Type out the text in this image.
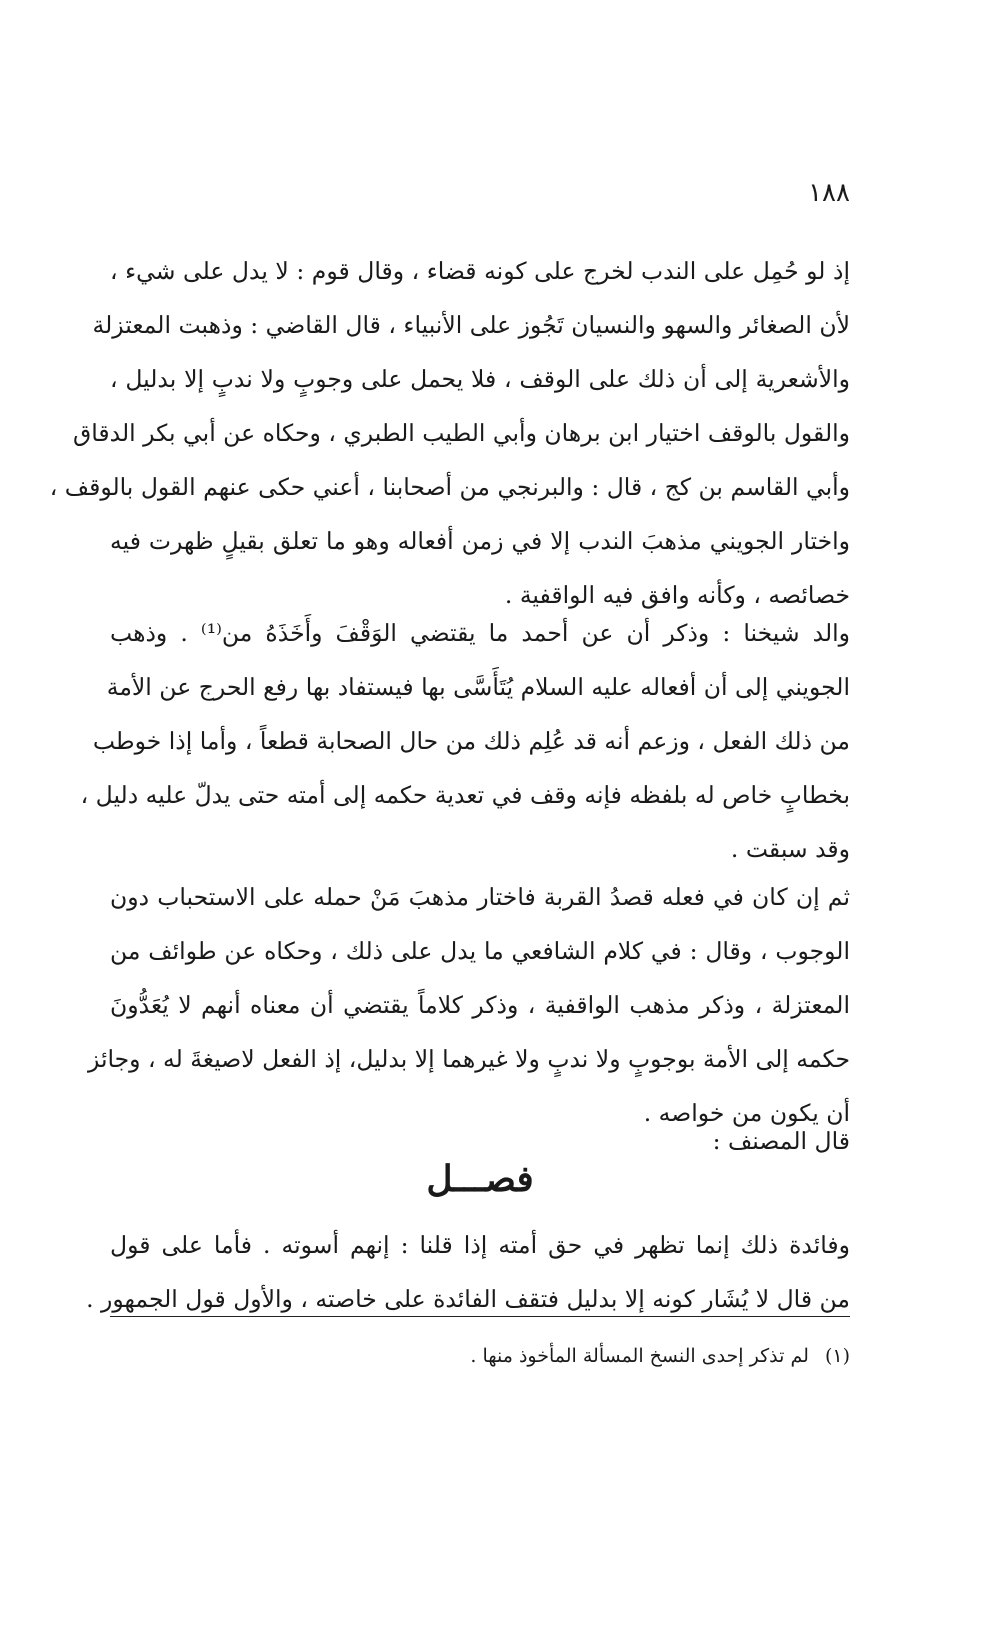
١٨٨
إذ لو حُمِل على الندب لخرج على كونه قضاء ، وقال قوم : لا يدل على شيء ،
لأن الصغائر والسهو والنسيان تَجُوز على الأنبياء ، قال القاضي : وذهبت المعتزلة
والأشعرية إلى أن ذلك على الوقف ، فلا يحمل على وجوبٍ ولا ندبٍ إلا بدليل ،
والقول بالوقف اختيار ابن برهان وأبي الطيب الطبري ، وحكاه عن أبي بكر الدقاق
وأبي القاسم بن كج ، قال : والبرنجي من أصحابنا ، أعني حكى عنهم القول بالوقف ،
واختار الجويني مذهبَ الندب إلا في زمن أفعاله وهو ما تعلق بقيلٍ ظهرت فيه
خصائصه ، وكأنه وافق فيه الواقفية .
والد شيخنا : وذكر أن عن أحمد ما يقتضي الوَقْفَ وأَخَذَهُ من⁽¹⁾ . وذهب
الجويني إلى أن أفعاله عليه السلام يُتَأَسَّى بها فيستفاد بها رفع الحرج عن الأمة
من ذلك الفعل ، وزعم أنه قد عُلِم ذلك من حال الصحابة قطعاً ، وأما إذا خوطب
بخطابٍ خاص له بلفظه فإنه وقف في تعدية حكمه إلى أمته حتى يدلّ عليه دليل ،
وقد سبقت .
ثم إن كان في فعله قصدُ القربة فاختار مذهبَ مَنْ حمله على الاستحباب دون
الوجوب ، وقال : في كلام الشافعي ما يدل على ذلك ، وحكاه عن طوائف من
المعتزلة ، وذكر مذهب الواقفية ، وذكر كلاماً يقتضي أن معناه أنهم لا يُعَدُّونَ
حكمه إلى الأمة بوجوبٍ ولا ندبٍ ولا غيرهما إلا بدليل، إذ الفعل لاصيغةَ له ، وجائز
أن يكون من خواصه .
قال المصنف :
فصـــل
وفائدة ذلك إنما تظهر في حق أمته إذا قلنا : إنهم أسوته . فأما على قول
من قال لا يُشَار كونه إلا بدليل فتقف الفائدة على خاصته ، والأول قول الجمهور .
(١) لم تذكر إحدى النسخ المسألة المأخوذ منها .
